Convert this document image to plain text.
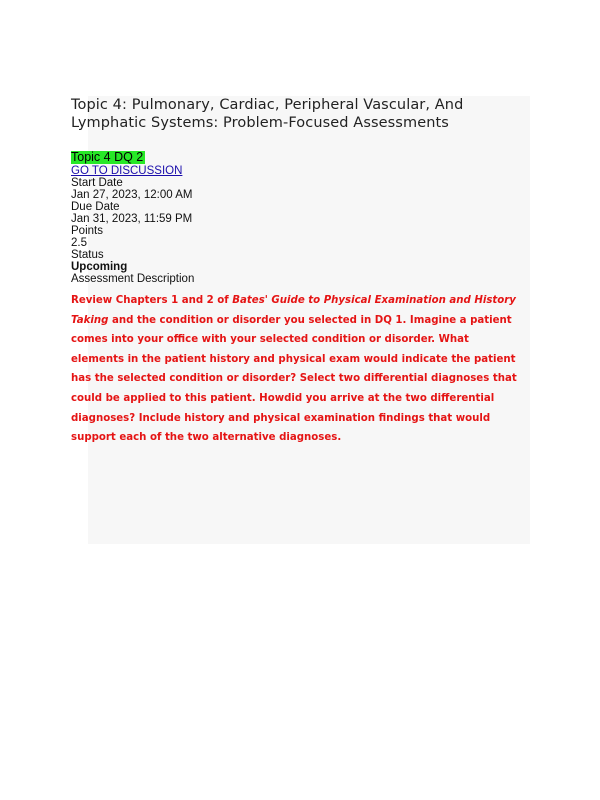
Topic 4: Pulmonary, Cardiac, Peripheral Vascular, And
Lymphatic Systems: Problem-Focused Assessments
Topic 4 DQ 2
GO TO DISCUSSION
Start Date
Jan 27, 2023, 12:00 AM
Due Date
Jan 31, 2023, 11:59 PM
Points
2.5
Status
Upcoming
Assessment Description
Review Chapters 1 and 2 of Bates' Guide to Physical Examination and History
Taking and the condition or disorder you selected in DQ 1. Imagine a patient
comes into your office with your selected condition or disorder. What
elements in the patient history and physical exam would indicate the patient
has the selected condition or disorder? Select two differential diagnoses that
could be applied to this patient. Howdid you arrive at the two differential
diagnoses? Include history and physical examination findings that would
support each of the two alternative diagnoses.
